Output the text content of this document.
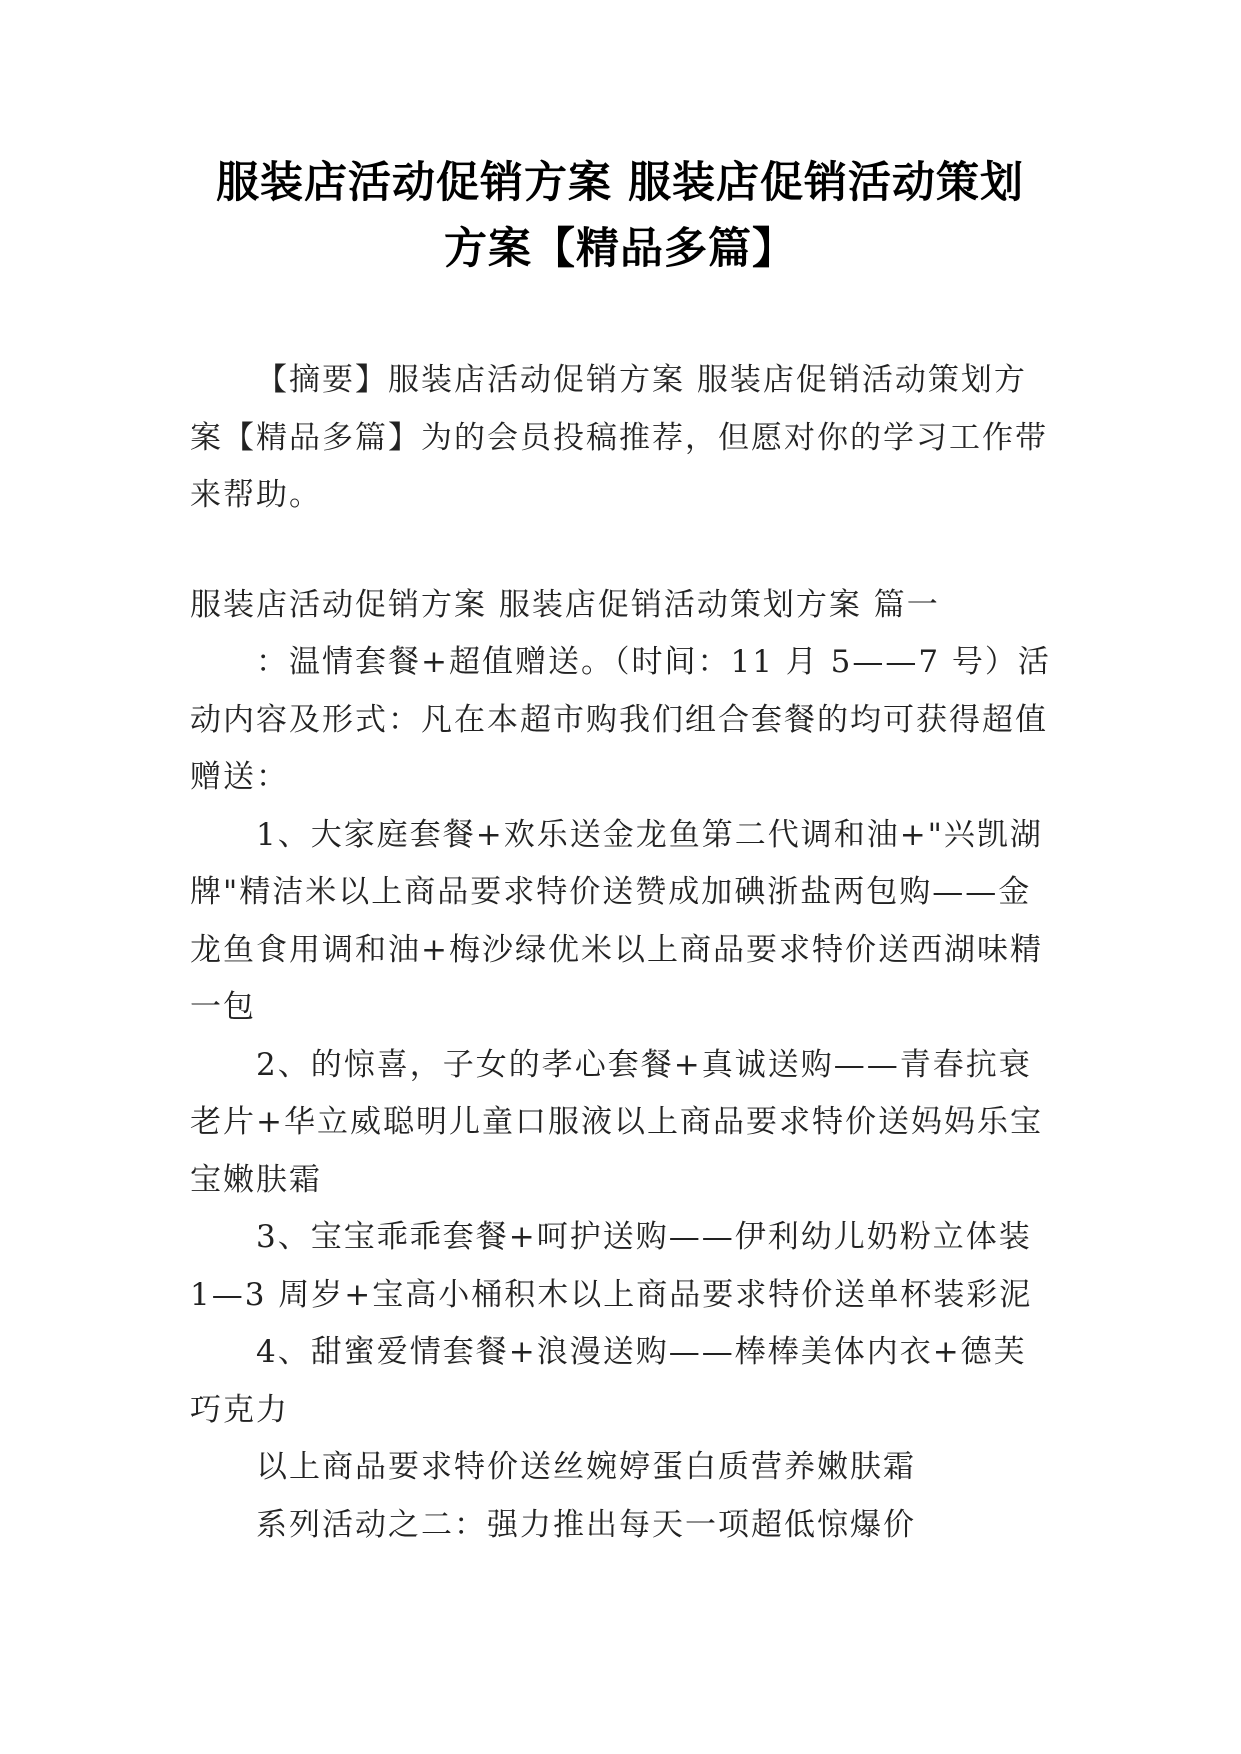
服装店活动促销方案 服装店促销活动策划
方案【精品多篇】

【摘要】服装店活动促销方案 服装店促销活动策划方案【精品多篇】为的会员投稿推荐，但愿对你的学习工作带来帮助。

服装店活动促销方案 服装店促销活动策划方案 篇一

：温情套餐+超值赠送。（时间：11 月 5——7 号）活动内容及形式：凡在本超市购我们组合套餐的均可获得超值赠送：

1、大家庭套餐+欢乐送金龙鱼第二代调和油+"兴凯湖牌"精洁米以上商品要求特价送赞成加碘浙盐两包购——金龙鱼食用调和油+梅沙绿优米以上商品要求特价送西湖味精一包

2、的惊喜，子女的孝心套餐+真诚送购——青春抗衰老片+华立威聪明儿童口服液以上商品要求特价送妈妈乐宝宝嫩肤霜

3、宝宝乖乖套餐+呵护送购——伊利幼儿奶粉立体装

1—3 周岁+宝高小桶积木以上商品要求特价送单杯装彩泥

4、甜蜜爱情套餐+浪漫送购——棒棒美体内衣+德芙巧克力

以上商品要求特价送丝婉婷蛋白质营养嫩肤霜

系列活动之二：强力推出每天一项超低惊爆价
